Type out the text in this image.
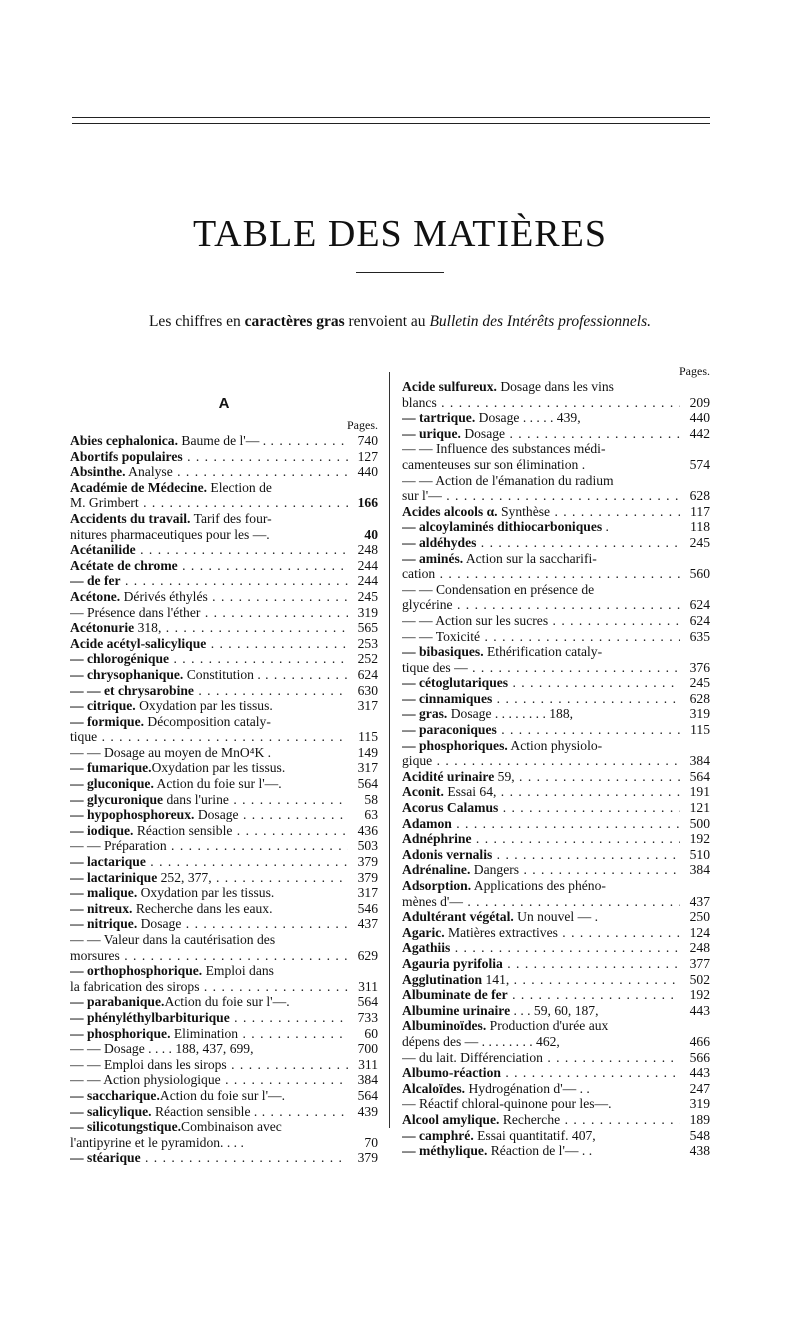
TABLE DES MATIÈRES
Les chiffres en caractères gras renvoient au Bulletin des Intérêts professionnels.
A
Pages.
Abies cephalonica. Baume de l'— . . . .	740
Abortifs populaires . . .	127
Absinthe. Analyse . . .	440
Académie de Médecine. Election de
M. Grimbert . . .	166
Accidents du travail. Tarif des four-
nitures pharmaceutiques pour les —.	40
Acétanilide . . .	248
Acétate de chrome . . .	244
— de fer . . .	244
Acétone. Dérivés éthylés . . .	245
— Présence dans l'éther . . .	319
Acétonurie 318, . . .	565
Acide acétyl-salicylique . . .	253
— chlorogénique . . .	252
— chrysophanique. Constitution . . . .	624
— — et chrysarobine . . .	630
— citrique. Oxydation par les tissus.	317
— formique. Décomposition cataly-
tique . . .	115
— — Dosage au moyen de MnO⁴K .	149
— fumarique.Oxydation par les tissus.	317
— gluconique. Action du foie sur l'—.	564
— glycuronique dans l'urine . . .	58
— hypophosphoreux. Dosage . . .	63
— iodique. Réaction sensible . . .	436
— — Préparation . . .	503
— lactarique . . .	379
— lactarinique 252, 377, . . .	379
— malique. Oxydation par les tissus.	317
— nitreux. Recherche dans les eaux.	546
— nitrique. Dosage . . .	437
— — Valeur dans la cautérisation des
morsures . . .	629
— orthophosphorique. Emploi dans
la fabrication des sirops . . .	311
— parabanique.Action du foie sur l'—.	564
— phényléthylbarbiturique . . .	733
— phosphorique. Elimination . . .	60
— — Dosage . . . . 188, 437, 699,	700
— — Emploi dans les sirops . . .	311
— — Action physiologique . . .	384
— saccharique.Action du foie sur l'—.	564
— salicylique. Réaction sensible . . . .	439
— silicotungstique.Combinaison avec
l'antipyrine et le pyramidon. . . .	70
— stéarique . . .	379
Pages.
Acide sulfureux. Dosage dans les vins
blancs . . .	209
— tartrique. Dosage . . . . . 439,	440
— urique. Dosage . . .	442
— — Influence des substances médi-
camenteuses sur son élimination .	574
— — Action de l'émanation du radium
sur l'— . . .	628
Acides alcools α. Synthèse . . .	117
— alcoylaminés dithiocarboniques .	118
— aldéhydes . . .	245
— aminés. Action sur la saccharifi-
cation . . .	560
— — Condensation en présence de
glycérine . . .	624
— — Action sur les sucres . . .	624
— — Toxicité . . .	635
— bibasiques. Ethérification cataly-
tique des — . . .	376
— cétoglutariques . . .	245
— cinnamiques . . .	628
— gras. Dosage . . . . . . . . 188,	319
— paraconiques . . .	115
— phosphoriques. Action physiolo-
gique . . .	384
Acidité urinaire 59, . . .	564
Aconit. Essai 64, . . .	191
Acorus Calamus . . .	121
Adamon . . .	500
Adnéphrine . . .	192
Adonis vernalis . . .	510
Adrénaline. Dangers . . .	384
Adsorption. Applications des phéno-
mènes d'— . . .	437
Adultérant végétal. Un nouvel — .	250
Agaric. Matières extractives . . .	124
Agathiis . . .	248
Agauria pyrifolia . . .	377
Agglutination 141, . . .	502
Albuminate de fer . . .	192
Albumine urinaire . . . 59, 60, 187,	443
Albuminoïdes. Production d'urée aux
dépens des — . . . . . . . . 462,	466
— du lait. Différenciation . . .	566
Albumo-réaction . . .	443
Alcaloïdes. Hydrogénation d'— . .	247
— Réactif chloral-quinone pour les—.	319
Alcool amylique. Recherche . . .	189
— camphré. Essai quantitatif. 407,	548
— méthylique. Réaction de l'— . .	438
